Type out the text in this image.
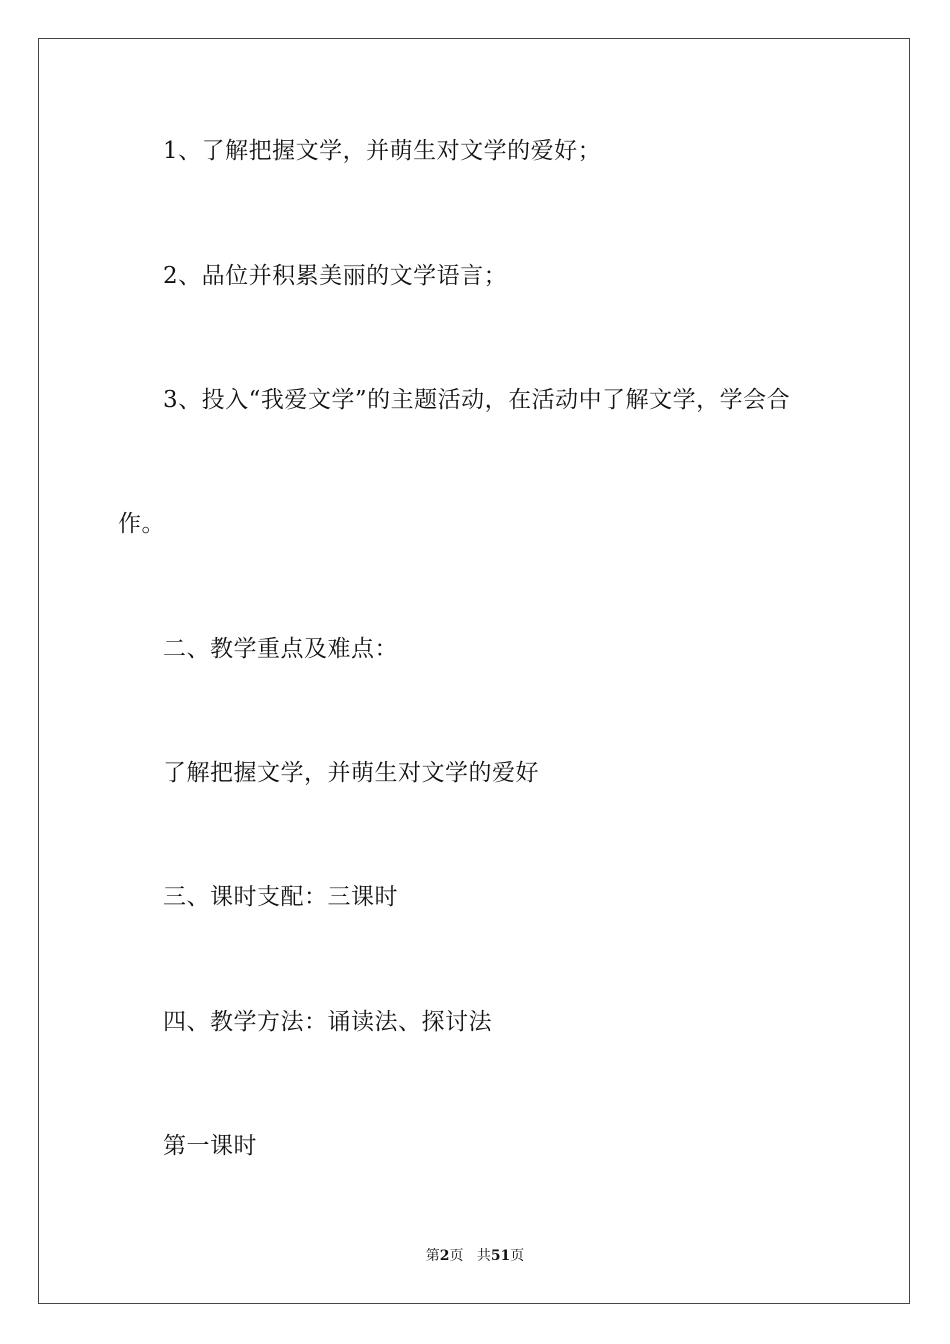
1、了解把握文学，并萌生对文学的爱好；
2、品位并积累美丽的文学语言；
3、投入“我爱文学”的主题活动，在活动中了解文学，学会合
作。
二、教学重点及难点：
了解把握文学，并萌生对文学的爱好
三、课时支配：三课时
四、教学方法：诵读法、探讨法
第一课时
第2页 共51页
